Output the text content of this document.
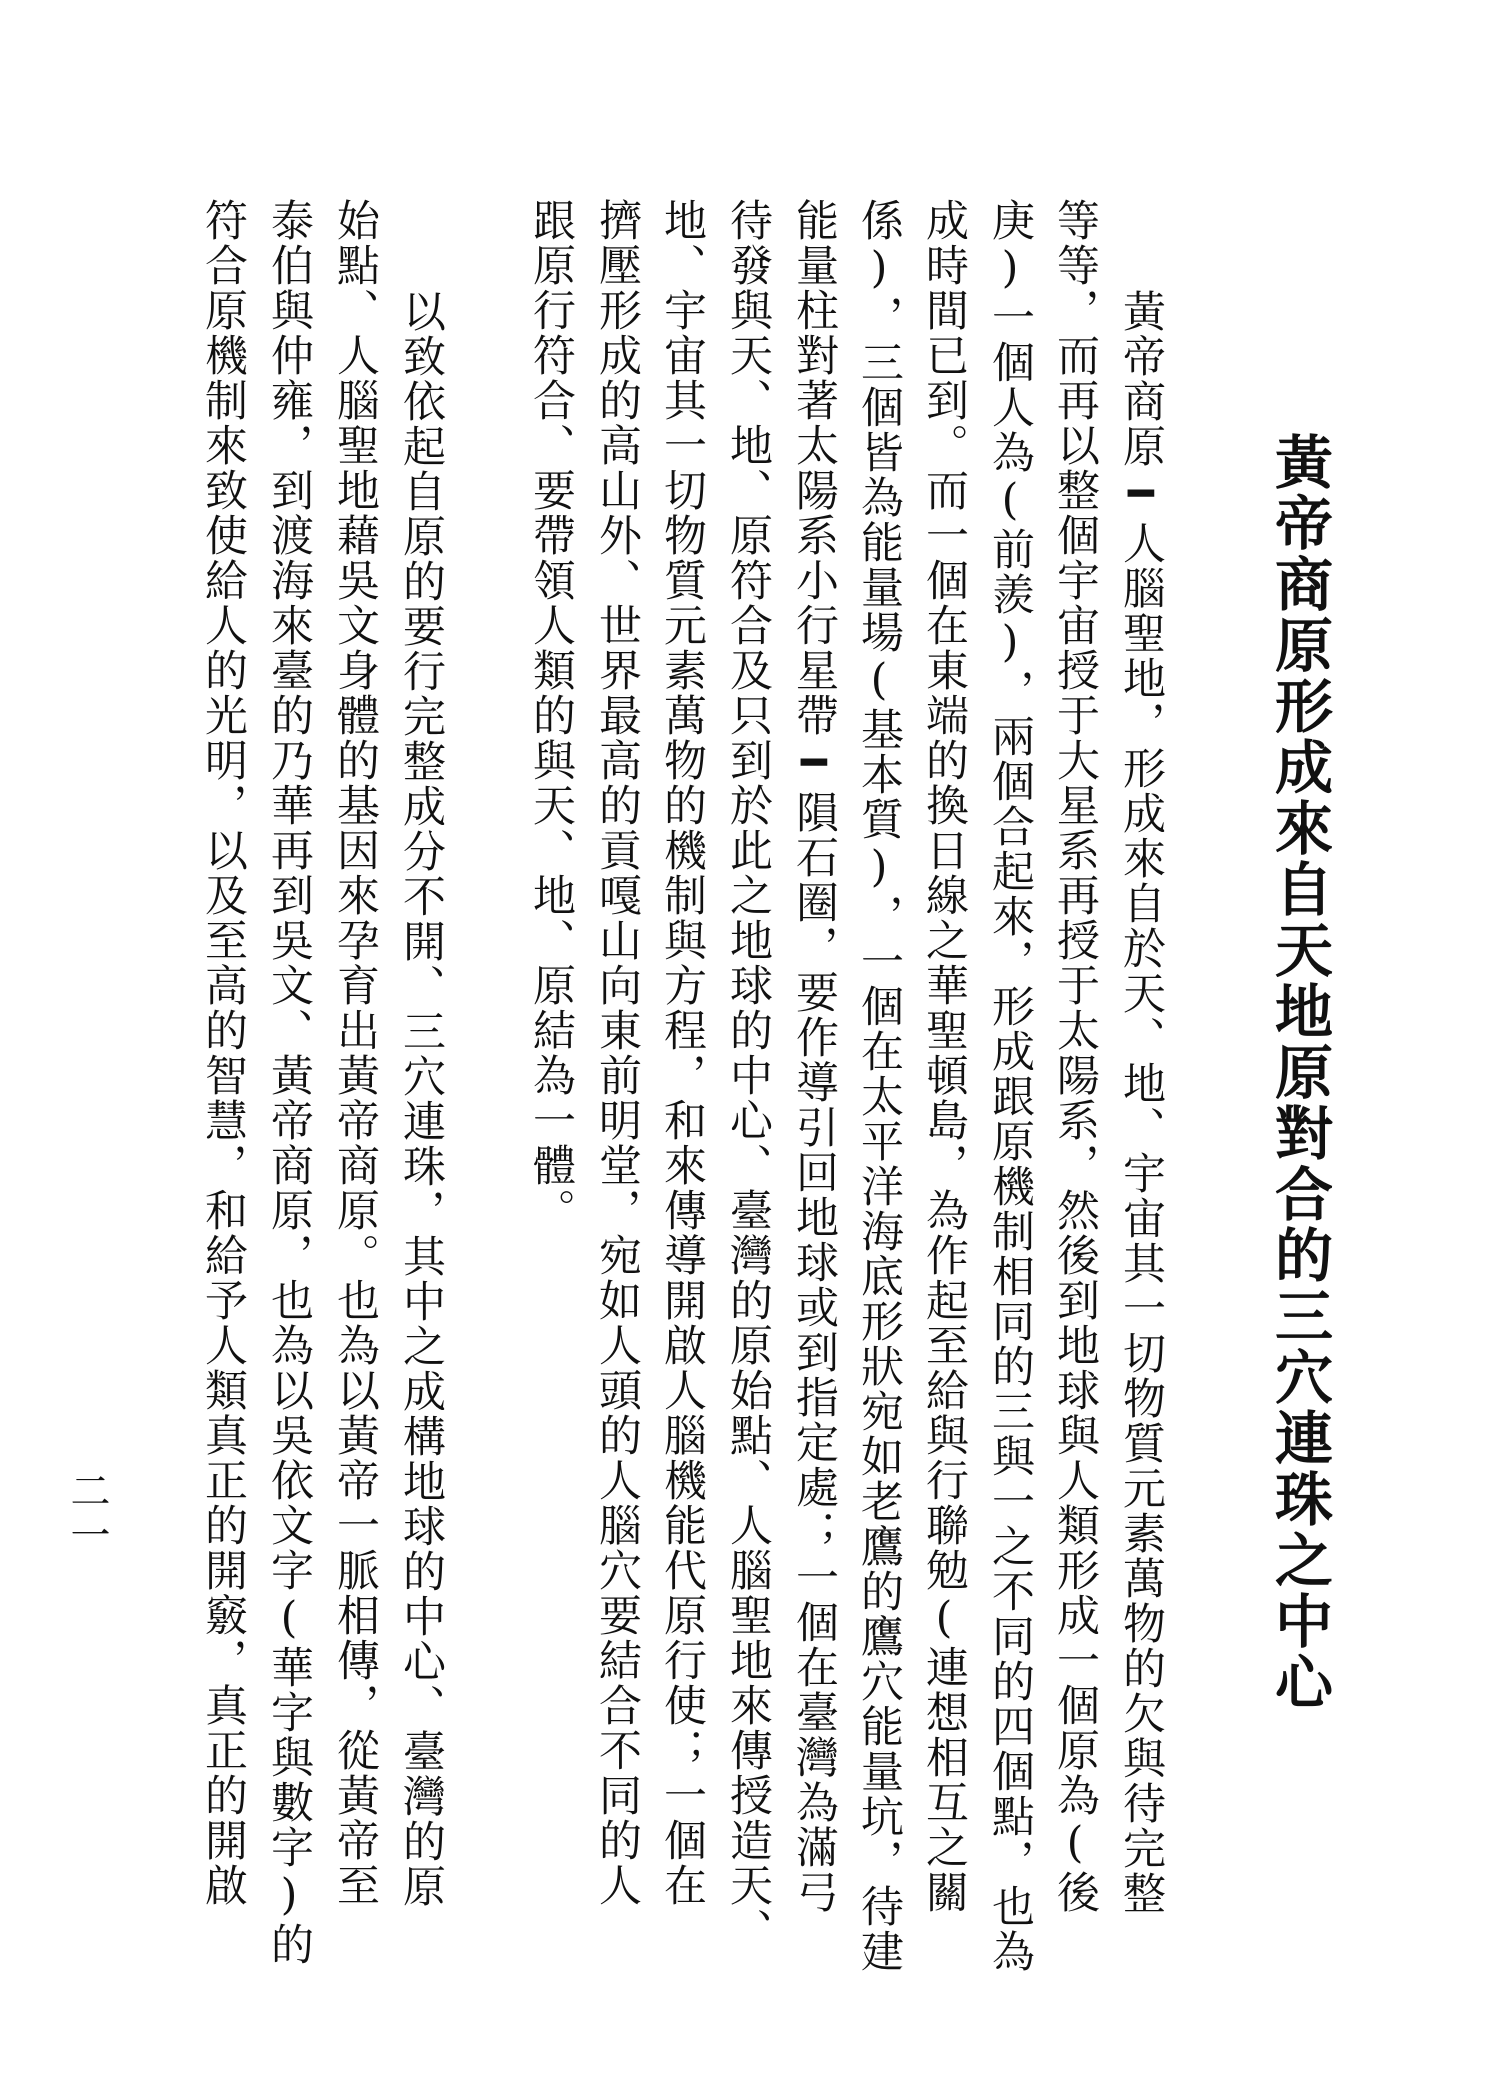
黃帝商原形成來自天地原對合的三穴連珠之中心
黃帝商原━人腦聖地，形成來自於天、地、宇宙其一切物質元素萬物的欠與待完整
等等，而再以整個宇宙授于大星系再授于太陽系，然後到地球與人類形成一個原為(後
庚)一個人為(前羨)，兩個合起來，形成跟原機制相同的三與一之不同的四個點，也為
成時間已到。而一個在東端的換日線之華聖頓島，為作起至給與行聯勉(連想相互之關
係)，三個皆為能量場(基本質)，一個在太平洋海底形狀宛如老鷹的鷹穴能量坑，待建
能量柱對著太陽系小行星帶━隕石圈，要作導引回地球或到指定處；一個在臺灣為滿弓
待發與天、地、原符合及只到於此之地球的中心、臺灣的原始點、人腦聖地來傳授造天、
地、宇宙其一切物質元素萬物的機制與方程，和來傳導開啟人腦機能代原行使；一個在
擠壓形成的高山外、世界最高的貢嘎山向東前明堂，宛如人頭的人腦穴要結合不同的人
跟原行符合、要帶領人類的與天、地、原結為一體。
以致依起自原的要行完整成分不開、三穴連珠，其中之成構地球的中心、臺灣的原
始點、人腦聖地藉吳文身體的基因來孕育出黃帝商原。也為以黃帝一脈相傳，從黃帝至
泰伯與仲雍，到渡海來臺的乃華再到吳文、黃帝商原，也為以吳依文字(華字與數字)的
符合原機制來致使給人的光明，以及至高的智慧，和給予人類真正的開竅，真正的開啟
二一
